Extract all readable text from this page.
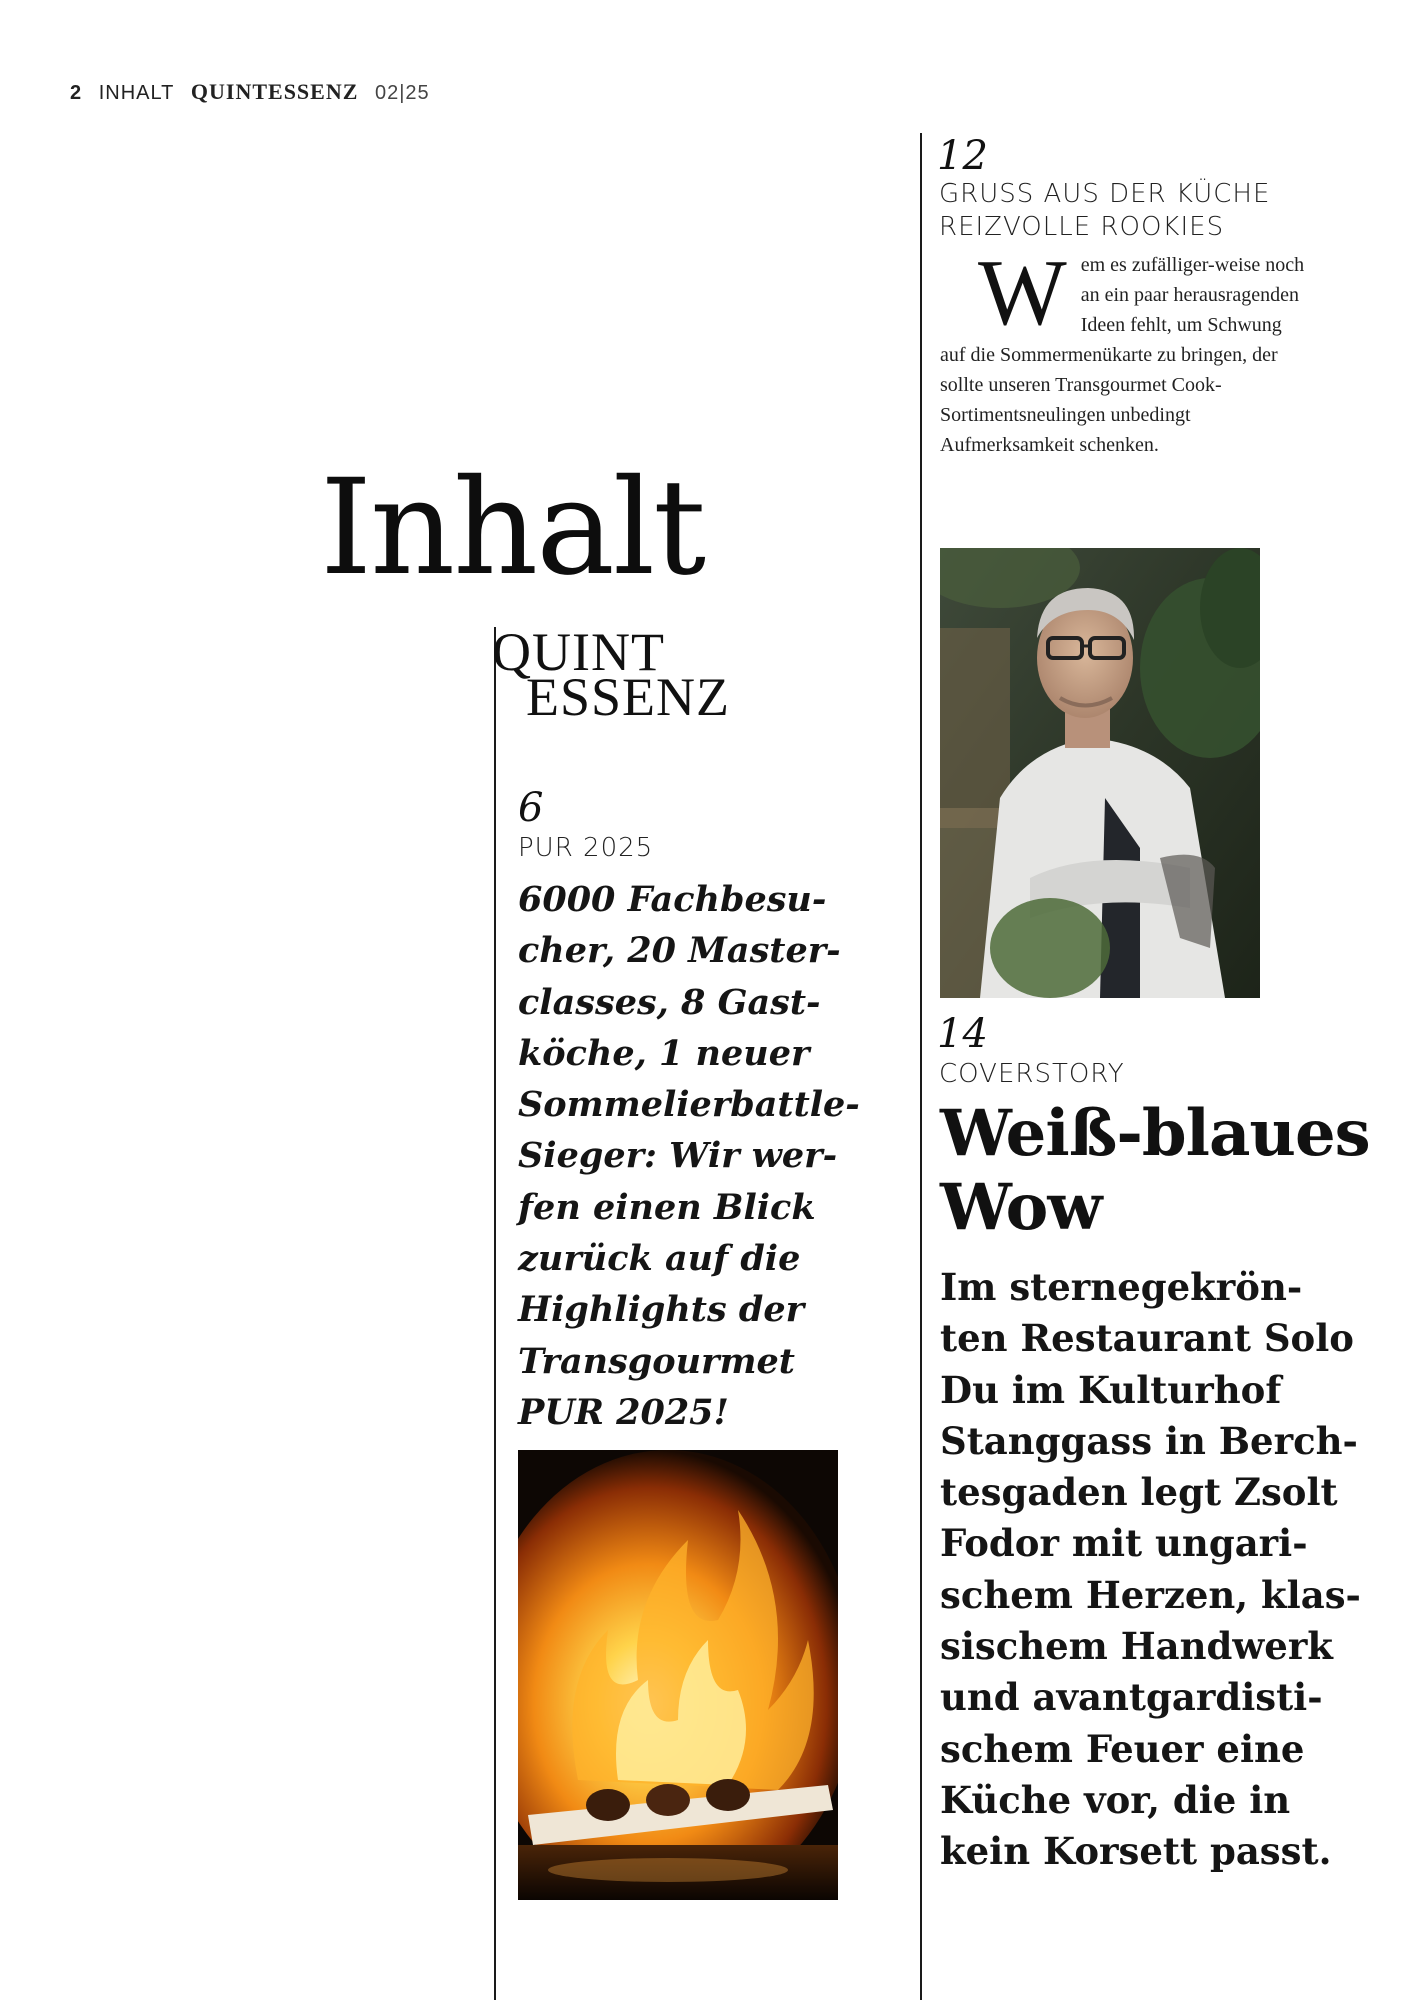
2 INHALT QUINTESSENZ 02|25
Inhalt
QUINT
ESSENZ
12
GRUSS AUS DER KÜCHE
REIZVOLLE ROOKIES
Wem es zufälliger-weise noch an ein paar herausragenden Ideen fehlt, um Schwung auf die Sommermenükarte zu bringen, der sollte unseren Transgourmet Cook-Sortimentsneulingen unbedingt Aufmerksamkeit schenken.
6
PUR 2025
6000 Fachbesu-
cher, 20 Master-
classes, 8 Gast-
köche, 1 neuer
Sommelierbattle-
Sieger: Wir wer-
fen einen Blick
zurück auf die
Highlights der
Transgourmet
PUR 2025!
14
COVERSTORY
Weiß-blaues
Wow
Im sternegekrön-
ten Restaurant Solo
Du im Kulturhof
Stanggass in Berch-
tesgaden legt Zsolt
Fodor mit ungari-
schem Herzen, klas-
sischem Handwerk
und avantgardisti-
schem Feuer eine
Küche vor, die in
kein Korsett passt.
